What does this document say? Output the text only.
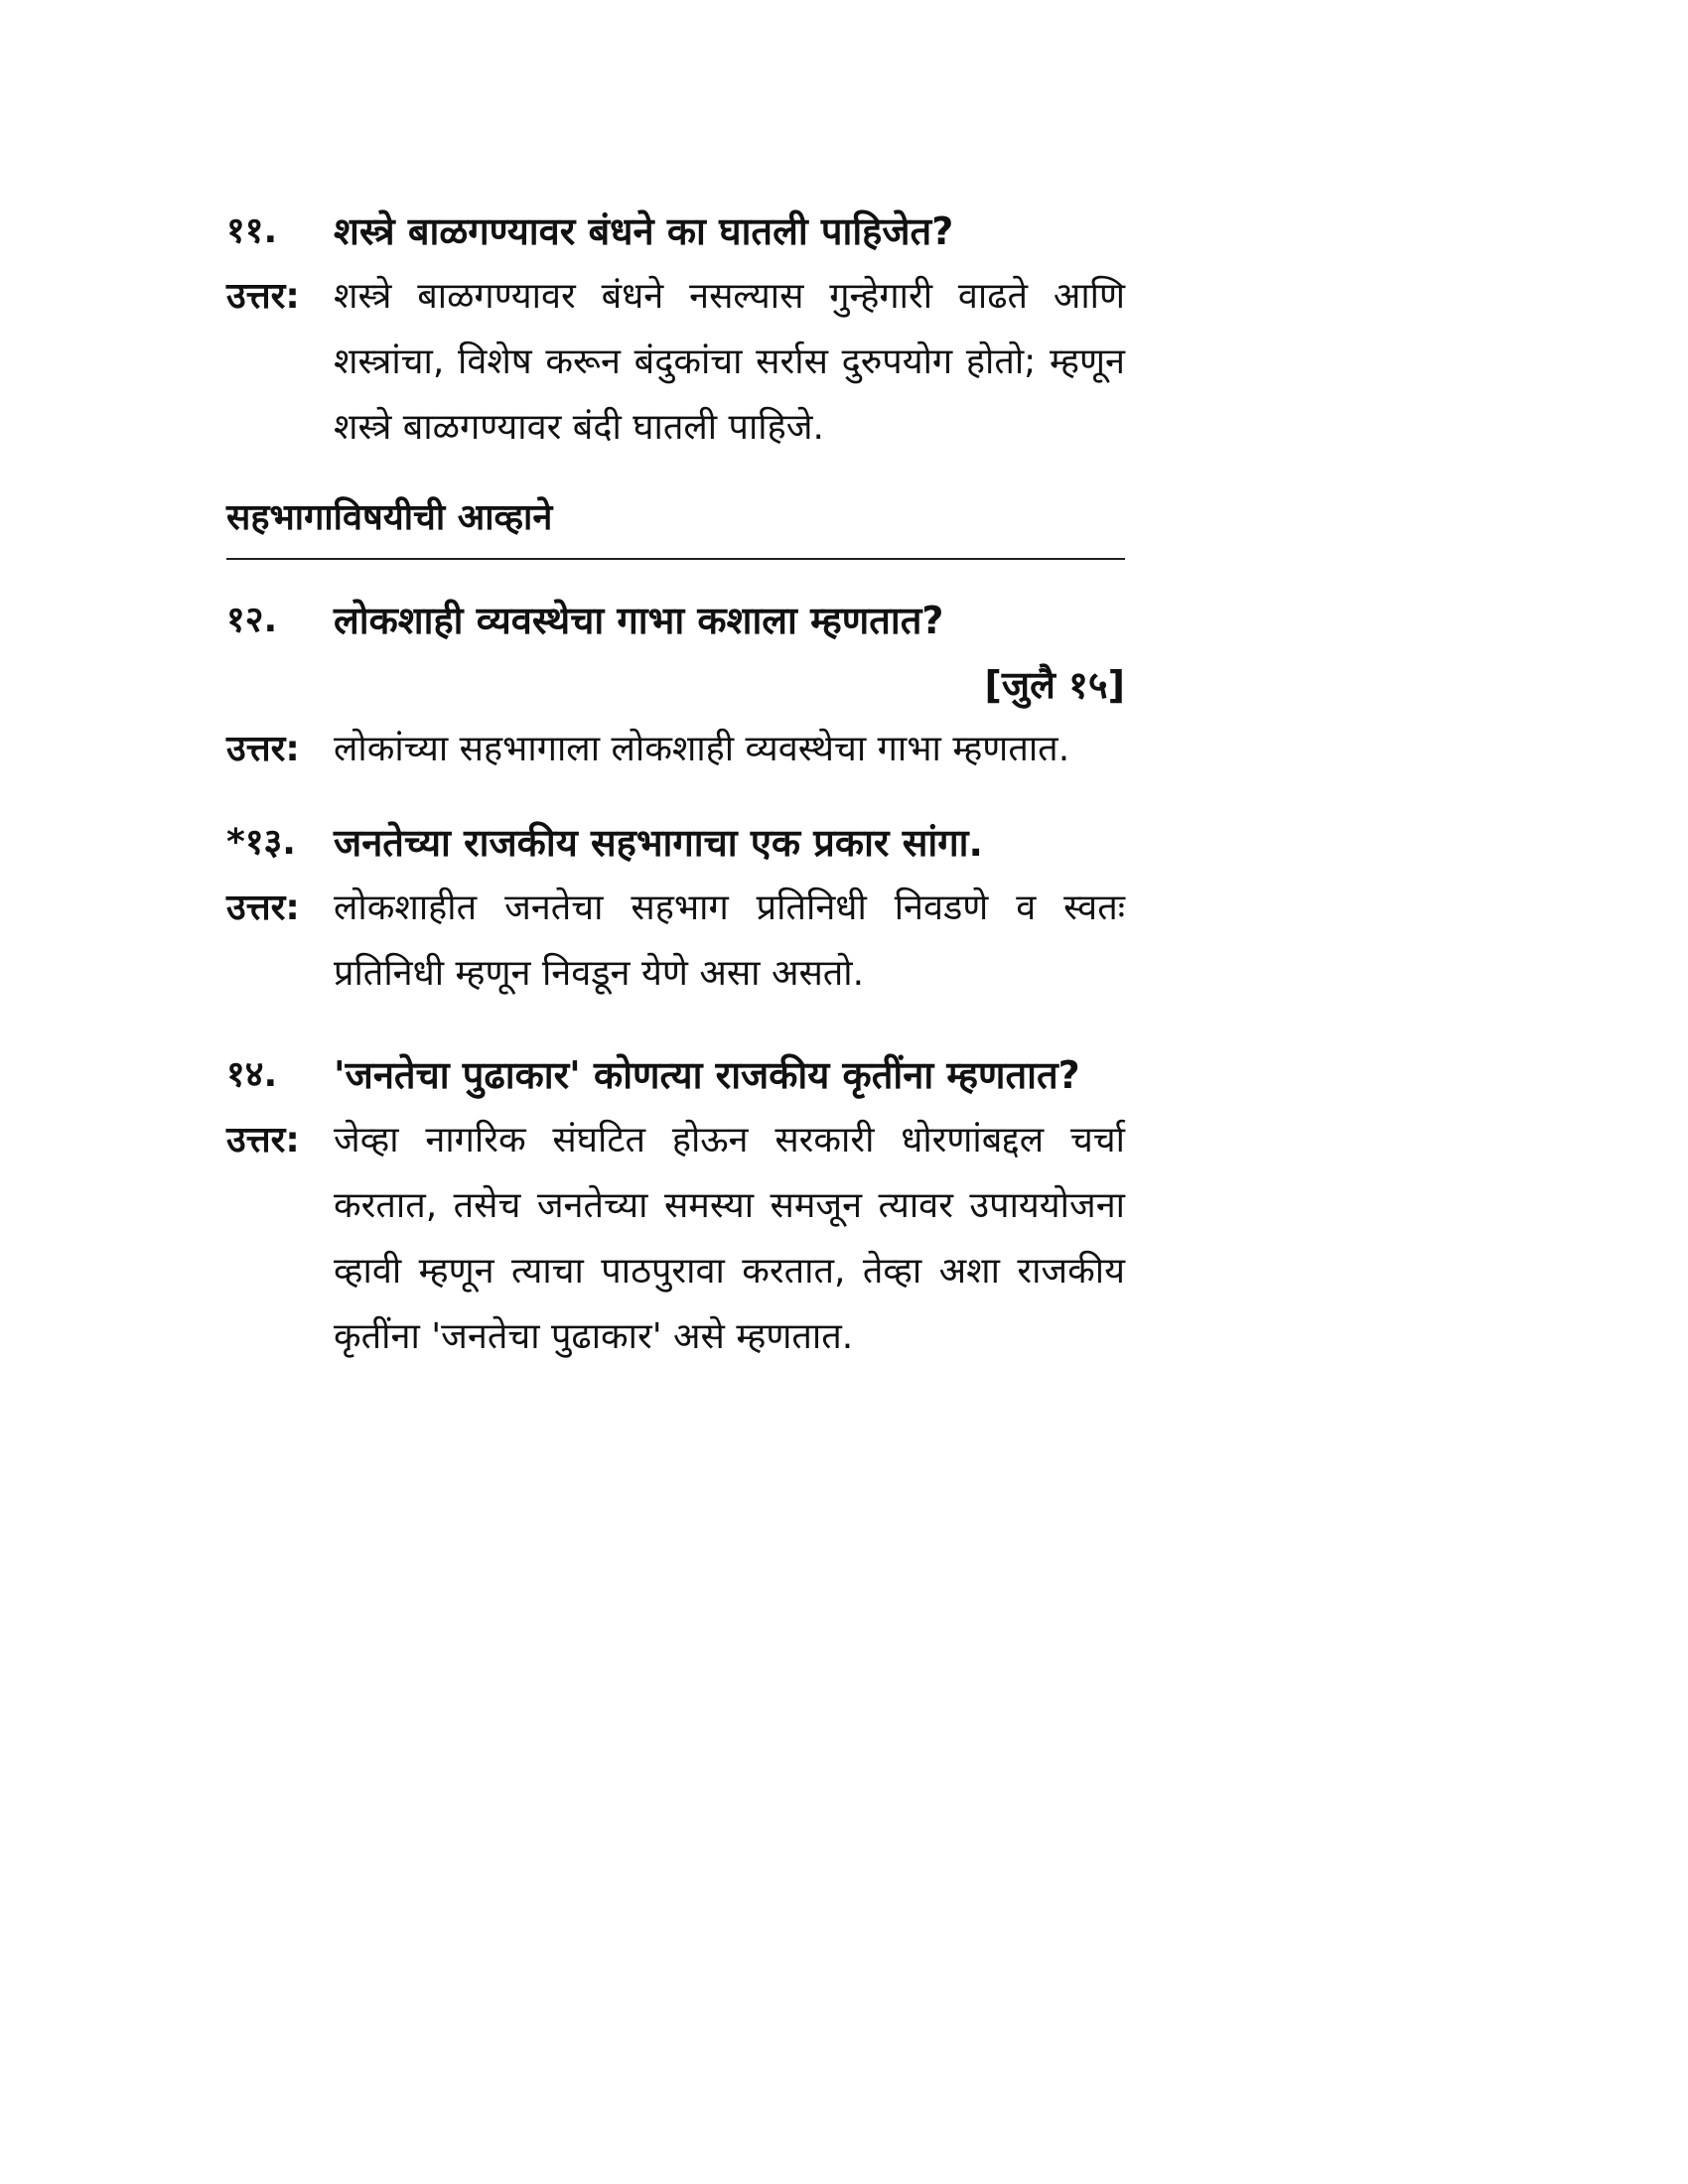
११.	शस्त्रे बाळगण्यावर बंधने का घातली पाहिजेत?
उत्तर: शस्त्रे बाळगण्यावर बंधने नसल्यास गुन्हेगारी वाढते आणि शस्त्रांचा, विशेष करून बंदुकांचा सर्रास दुरुपयोग होतो; म्हणून शस्त्रे बाळगण्यावर बंदी घातली पाहिजे.
सहभागाविषयीची आव्हाने
१२.	लोकशाही व्यवस्थेचा गाभा कशाला म्हणतात?
[जुलै १५]
उत्तर: लोकांच्या सहभागाला लोकशाही व्यवस्थेचा गाभा म्हणतात.
*१३.	जनतेच्या राजकीय सहभागाचा एक प्रकार सांगा.
उत्तर: लोकशाहीत जनतेचा सहभाग प्रतिनिधी निवडणे व स्वतः प्रतिनिधी म्हणून निवडून येणे असा असतो.
१४.	'जनतेचा पुढाकार' कोणत्या राजकीय कृतींना म्हणतात?
उत्तर: जेव्हा नागरिक संघटित होऊन सरकारी धोरणांबद्दल चर्चा करतात, तसेच जनतेच्या समस्या समजून त्यावर उपाययोजना व्हावी म्हणून त्याचा पाठपुरावा करतात, तेव्हा अशा राजकीय कृतींना 'जनतेचा पुढाकार' असे म्हणतात.
